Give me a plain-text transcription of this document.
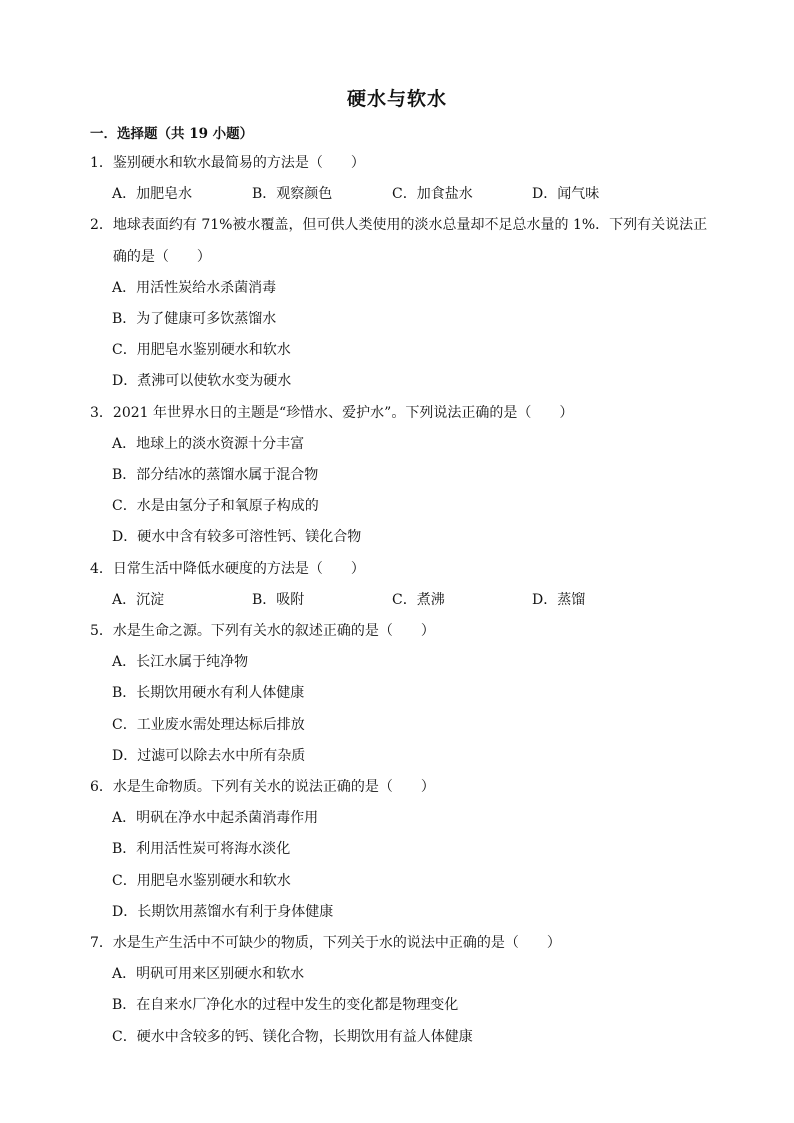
硬水与软水
一．选择题（共 19 小题）
1． 鉴别硬水和软水最简易的方法是（　　）
A．加肥皂水	B．观察颜色	C．加食盐水	D．闻气味
2． 地球表面约有 71%被水覆盖，但可供人类使用的淡水总量却不足总水量的 1%．下列有关说法正确的是（　　）
A．用活性炭给水杀菌消毒
B．为了健康可多饮蒸馏水
C．用肥皂水鉴别硬水和软水
D．煮沸可以使软水变为硬水
3． 2021 年世界水日的主题是“珍惜水、爱护水”。下列说法正确的是（　　）
A．地球上的淡水资源十分丰富
B．部分结冰的蒸馏水属于混合物
C．水是由氢分子和氧原子构成的
D．硬水中含有较多可溶性钙、镁化合物
4． 日常生活中降低水硬度的方法是（　　）
A．沉淀	B．吸附	C．煮沸	D．蒸馏
5． 水是生命之源。下列有关水的叙述正确的是（　　）
A．长江水属于纯净物
B．长期饮用硬水有利人体健康
C．工业废水需处理达标后排放
D．过滤可以除去水中所有杂质
6． 水是生命物质。下列有关水的说法正确的是（　　）
A．明矾在净水中起杀菌消毒作用
B．利用活性炭可将海水淡化
C．用肥皂水鉴别硬水和软水
D．长期饮用蒸馏水有利于身体健康
7． 水是生产生活中不可缺少的物质，下列关于水的说法中正确的是（　　）
A．明矾可用来区别硬水和软水
B．在自来水厂净化水的过程中发生的变化都是物理变化
C．硬水中含较多的钙、镁化合物，长期饮用有益人体健康
